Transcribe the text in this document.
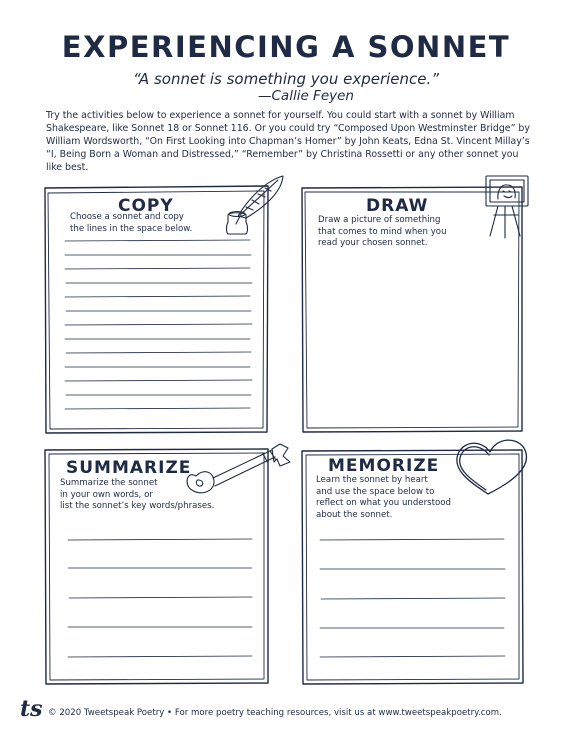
EXPERIENCING A SONNET
“A sonnet is something you experience.”
—Callie Feyen
Try the activities below to experience a sonnet for yourself. You could start with a sonnet by William Shakespeare, like Sonnet 18 or Sonnet 116. Or you could try “Composed Upon Westminster Bridge” by William Wordsworth, “On First Looking into Chapman’s Homer” by John Keats, Edna St. Vincent Millay’s “I, Being Born a Woman and Distressed,” “Remember” by Christina Rossetti or any other sonnet you like best.
COPY
Choose a sonnet and copy
the lines in the space below.
DRAW
Draw a picture of something
that comes to mind when you
read your chosen sonnet.
SUMMARIZE
Summarize the sonnet
in your own words, or
list the sonnet’s key words/phrases.
MEMORIZE
Learn the sonnet by heart
and use the space below to
reflect on what you understood
about the sonnet.
ts © 2020 Tweetspeak Poetry • For more poetry teaching resources, visit us at www.tweetspeakpoetry.com.
